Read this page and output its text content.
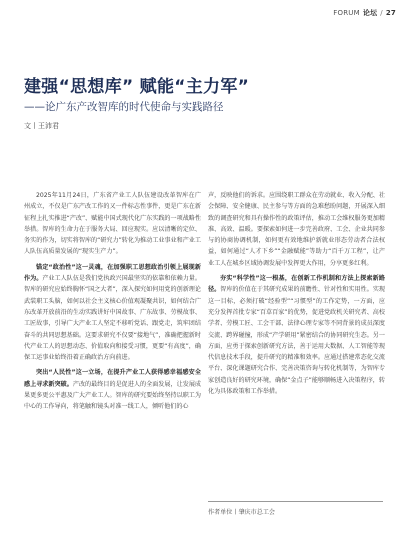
FORUM 论坛 / 27
建强“思想库” 赋能“主力军”
——论广东产改智库的时代使命与实践路径
文丨王沛君

2025年11月24日，广东省产业工人队伍建设改革智库在广州成立，不仅是广东产改工作的又一件标志性事件，更是广东在新征程上扎实推进“产改”、赋能中国式现代化广东实践的一项战略性举措。智库的生命力在于服务大局、回应现实。应以清晰的定位、务实的作为，切实将智库的“研究力”转化为推动工业事业和产业工人队伍高质量发展的“现实生产力”。

锚定“政治性”这一灵魂，在加强职工思想政治引领上展现新作为。产业工人队伍是我们党执政兴国最坚实的依靠和依赖力量。智库的研究应始终胸怀“国之大者”，深入探究如何用党的创新理论武装职工头脑，如何以社会主义核心价值观凝聚共识，如何结合广东改革开放前沿的生动实践讲好中国故事、广东故事、劳模故事、工匠故事，引导广大产业工人坚定不移听党话、跟党走，筑牢团结奋斗的共同思想基础。这要求研究不仅要“接地气”，准确把握新时代产业工人的思想动态、价值取向和接受习惯，更要“有高度”，确保工运事业始终沿着正确政治方向前进。

突出“人民性”这一立场，在提升产业工人获得感幸福感安全感上寻求新突破。产改的最终目的是促进人的全面发展，让发展成果更多更公平惠及广大产业工人。智库的研究要始终坚持以职工为中心的工作导向，将笔触和镜头对准一线工人，倾听他们的心

声，反映他们的诉求。应围绕职工群众在劳动就业、收入分配、社会保障、安全健康、民主参与等方面的急难愁盼问题，开展深入细致的调查研究和具有操作性的政策评估，推动工会维权服务更加精准、高效、温暖。要探索如何进一步完善政府、工会、企业共同参与的协商协调机制，如何更有效地维护新就业形态劳动者合法权益，如何通过“人才下乡”“金融赋能”等助力“百千万工程”，让产业工人在城乡区域协调发展中发挥更大作用，分享更多红利。

夯实“科学性”这一根基，在创新工作机制和方法上探索新路径。智库的价值在于其研究成果的前瞻性、针对性和实用性。实现这一目标，必须打破“经验型”“习惯型”的工作定势，一方面，应充分发挥首批专家“百草百家”的优势，促进党政机关研究者、高校学者、劳模工匠、工会干部、法律心理专家等不同背景的成员深度交流、跨界碰撞，形成“产学研用”紧密结合的协同研究生态。另一方面，应勇于探索创新研究方法，善于运用大数据、人工智能等现代信息技术手段，提升研究的精准和效率。应通过搭建常态化交流平台、深化课题研究合作、完善决策咨询与转化机制等，为智库专家创造良好的研究环境，确保“金点子”能够顺畅进入决策程序，转化为具体政策和工作举措。

作者单位丨肇庆市总工会
